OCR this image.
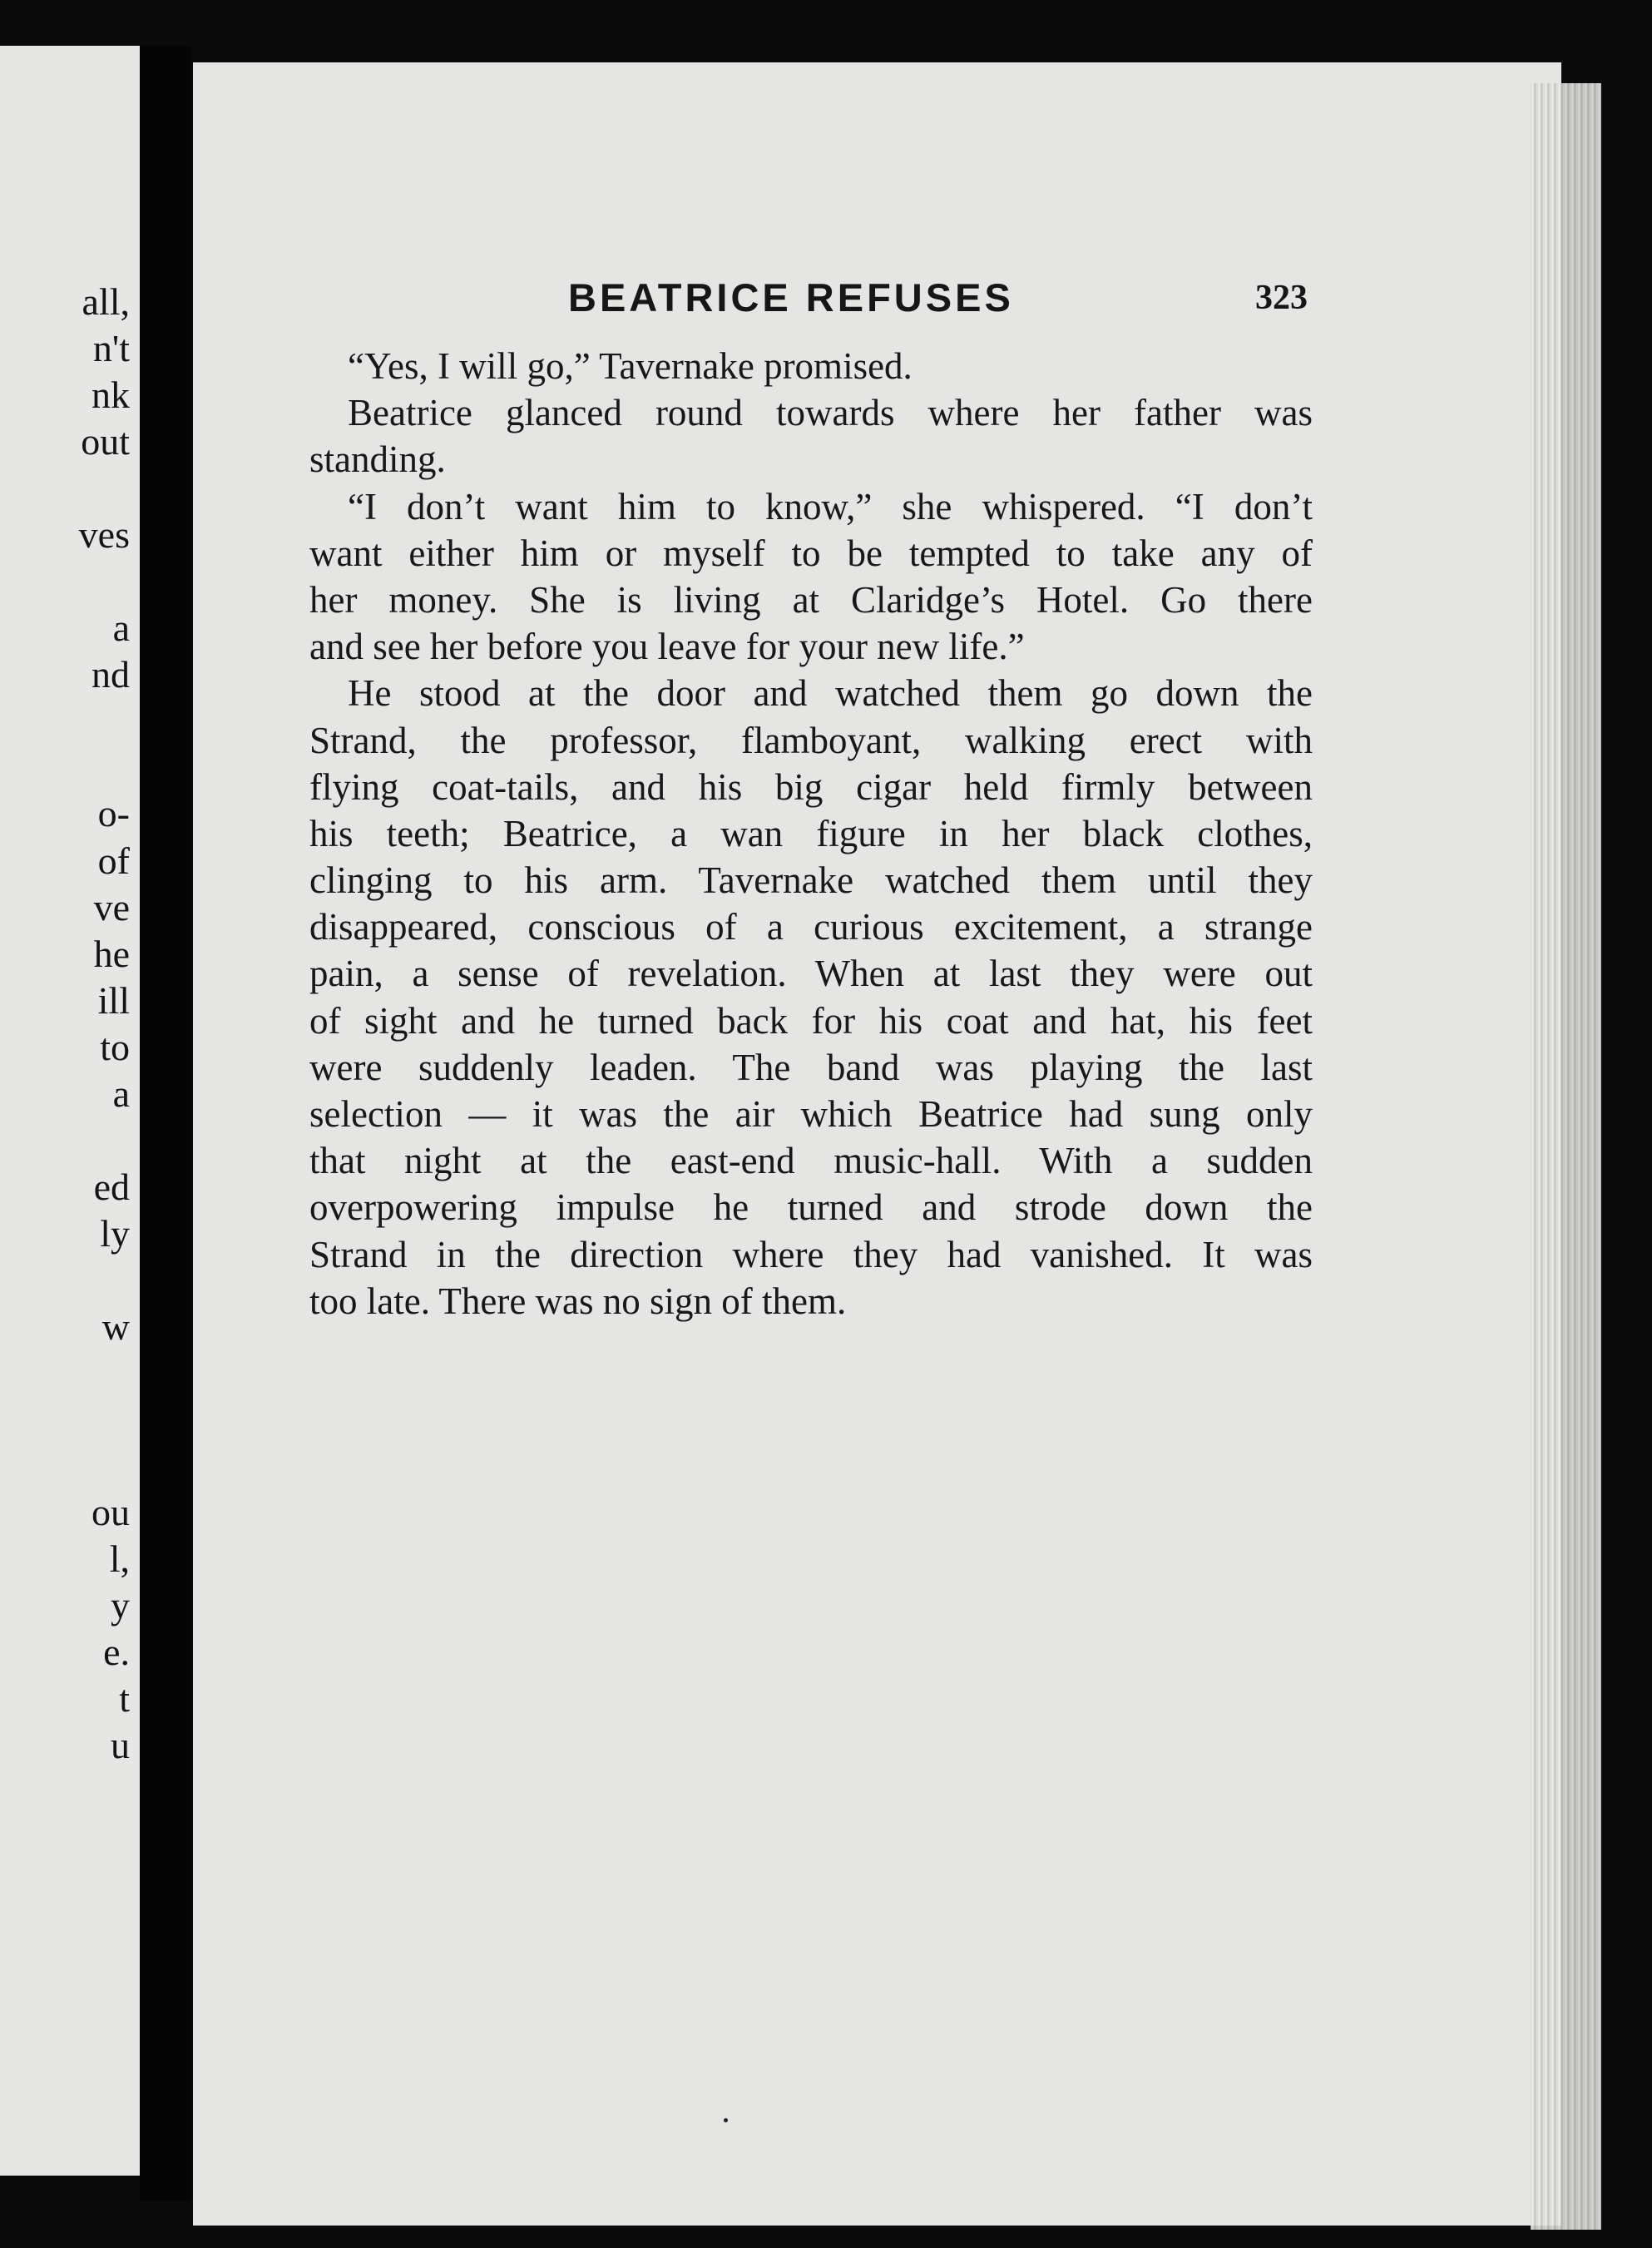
all,
n't
nk
out
ves
a
nd
o-
of
ve
he
ill
to
a
ed
ly
w
ou
l,
y
e.
t
u
BEATRICE REFUSES	323
“Yes, I will go,” Tavernake promised.
Beatrice glanced round towards where her father was
standing.
“I don’t want him to know,” she whispered. “I don’t
want either him or myself to be tempted to take any of
her money. She is living at Claridge’s Hotel. Go there
and see her before you leave for your new life.”
He stood at the door and watched them go down the
Strand, the professor, flamboyant, walking erect with
flying coat-tails, and his big cigar held firmly between
his teeth; Beatrice, a wan figure in her black clothes,
clinging to his arm. Tavernake watched them until they
disappeared, conscious of a curious excitement, a strange
pain, a sense of revelation. When at last they were out
of sight and he turned back for his coat and hat, his feet
were suddenly leaden. The band was playing the last
selection — it was the air which Beatrice had sung only
that night at the east-end music-hall. With a sudden
overpowering impulse he turned and strode down the
Strand in the direction where they had vanished. It was
too late. There was no sign of them.
